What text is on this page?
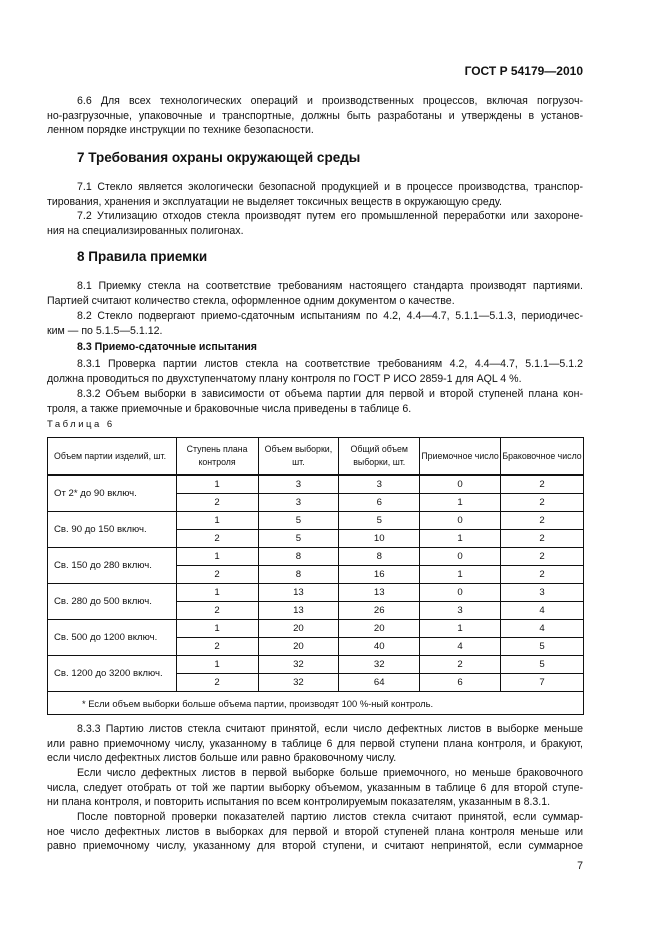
ГОСТ Р 54179—2010
6.6 Для всех технологических операций и производственных процессов, включая погрузоч-
но-разгрузочные, упаковочные и транспортные, должны быть разработаны и утверждены в установ-
ленном порядке инструкции по технике безопасности.
7 Требования охраны окружающей среды
7.1 Стекло является экологически безопасной продукцией и в процессе производства, транспор-
тирования, хранения и эксплуатации не выделяет токсичных веществ в окружающую среду.
7.2 Утилизацию отходов стекла производят путем его промышленной переработки или захороне-
ния на специализированных полигонах.
8 Правила приемки
8.1 Приемку стекла на соответствие требованиям настоящего стандарта производят партиями.
Партией считают количество стекла, оформленное одним документом о качестве.
8.2 Стекло подвергают приемо-сдаточным испытаниям по 4.2, 4.4—4.7, 5.1.1—5.1.3, периодичес-
ким — по 5.1.5—5.1.12.
8.3 Приемо-сдаточные испытания
8.3.1 Проверка партии листов стекла на соответствие требованиям 4.2, 4.4—4.7, 5.1.1—5.1.2
должна проводиться по двухступенчатому плану контроля по ГОСТ Р ИСО 2859-1 для AQL 4 %.
8.3.2 Объем выборки в зависимости от объема партии для первой и второй ступеней плана кон-
троля, а также приемочные и браковочные числа приведены в таблице 6.
Таблица 6
Объем партии изделий, шт.	Ступень плана контроля	Объем выборки, шт.	Общий объем выборки, шт.	Приемочное число	Браковочное число
От 2* до 90 включ.	1	3	3	0	2
	2	3	6	1	2
Св. 90 до 150 включ.	1	5	5	0	2
	2	5	10	1	2
Св. 150 до 280 включ.	1	8	8	0	2
	2	8	16	1	2
Св. 280 до 500 включ.	1	13	13	0	3
	2	13	26	3	4
Св. 500 до 1200 включ.	1	20	20	1	4
	2	20	40	4	5
Св. 1200 до 3200 включ.	1	32	32	2	5
	2	32	64	6	7
* Если объем выборки больше объема партии, производят 100 %-ный контроль.					
8.3.3 Партию листов стекла считают принятой, если число дефектных листов в выборке меньше
или равно приемочному числу, указанному в таблице 6 для первой ступени плана контроля, и бракуют,
если число дефектных листов больше или равно браковочному числу.
Если число дефектных листов в первой выборке больше приемочного, но меньше браковочного
числа, следует отобрать от той же партии выборку объемом, указанным в таблице 6 для второй ступе-
ни плана контроля, и повторить испытания по всем контролируемым показателям, указанным в 8.3.1.
После повторной проверки показателей партию листов стекла считают принятой, если суммар-
ное число дефектных листов в выборках для первой и второй ступеней плана контроля меньше или
равно приемочному числу, указанному для второй ступени, и считают непринятой, если суммарное
7
